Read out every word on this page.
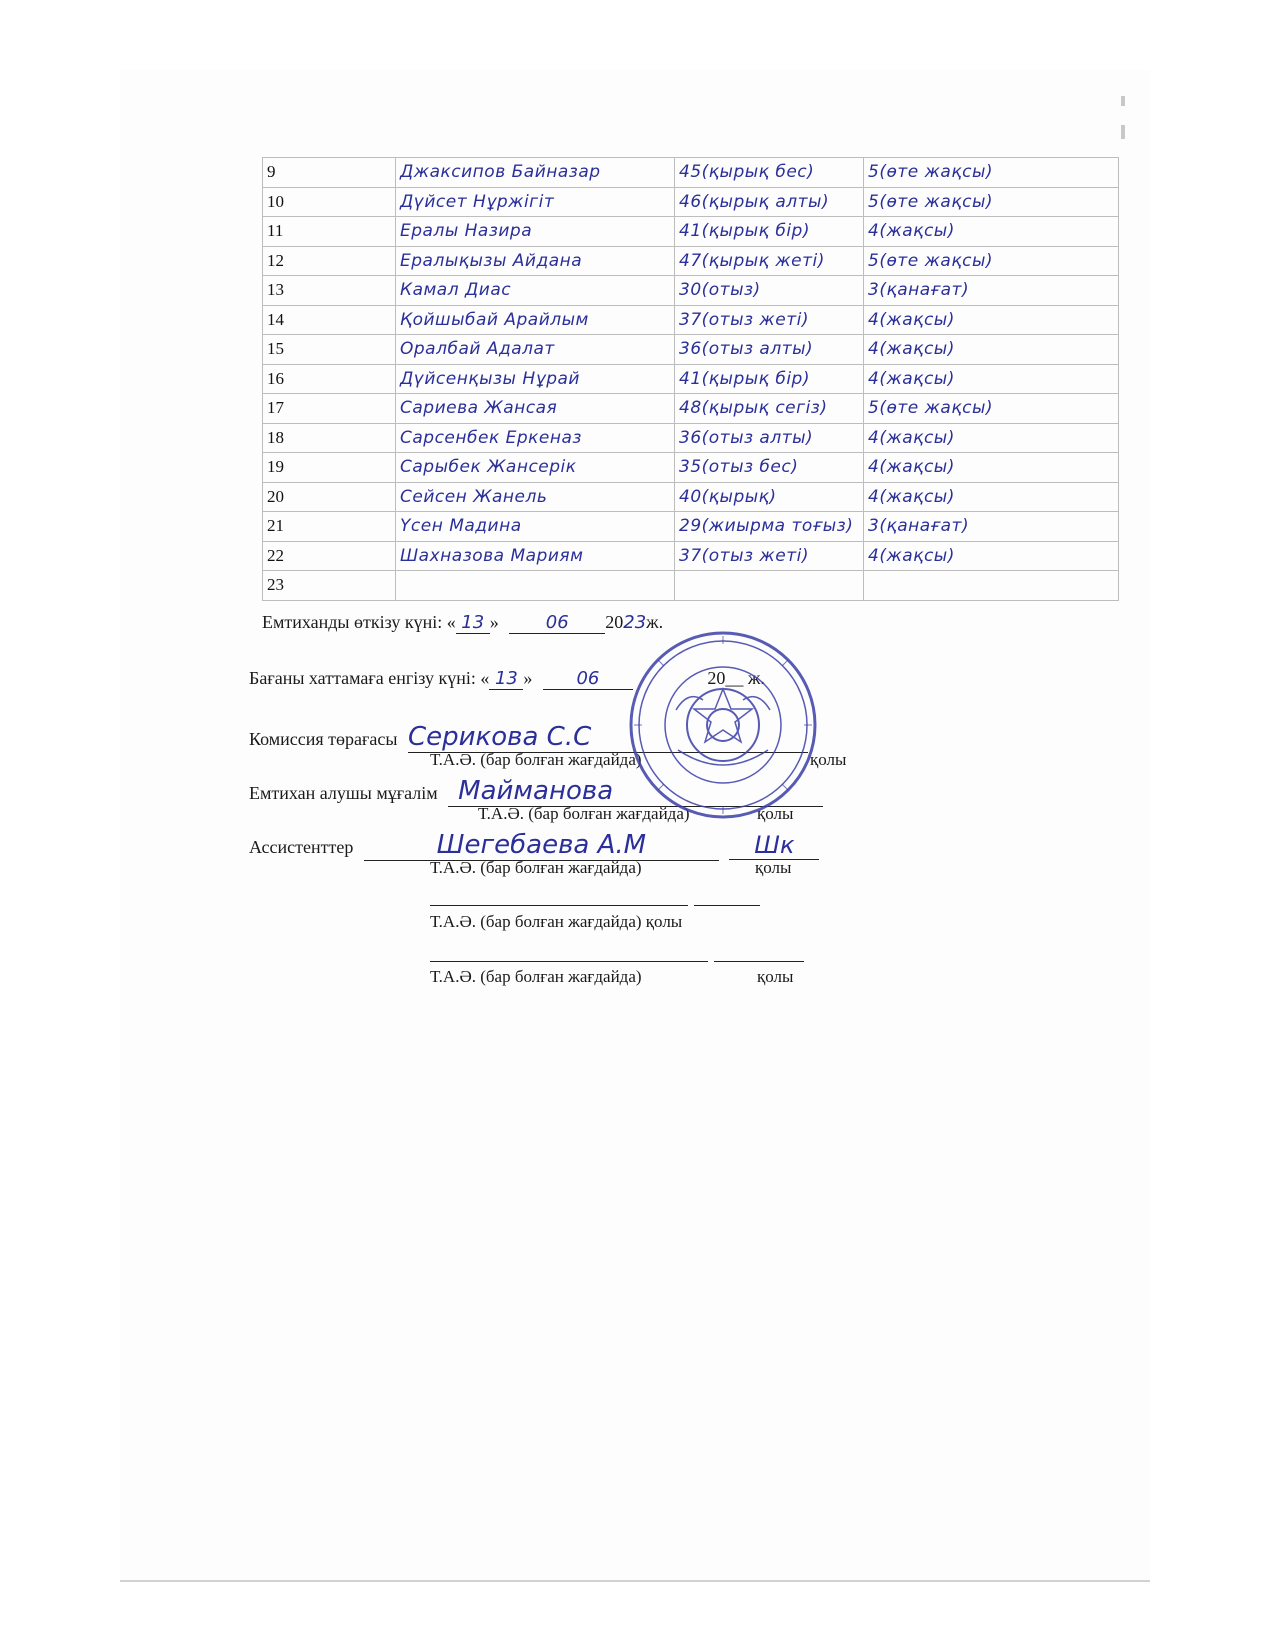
9	Джаксипов Байназар	45(қырық бес)	5(өте жақсы)
10	Дүйсет Нұржігіт	46(қырық алты)	5(өте жақсы)
11	Ералы Назира	41(қырық бір)	4(жақсы)
12	Ералықызы Айдана	47(қырық жеті)	5(өте жақсы)
13	Камал Диас	30(отыз)	3(қанағат)
14	Қойшыбай Арайлым	37(отыз жеті)	4(жақсы)
15	Оралбай Адалат	36(отыз алты)	4(жақсы)
16	Дүйсенқызы Нұрай	41(қырық бір)	4(жақсы)
17	Сариева Жансая	48(қырық сегіз)	5(өте жақсы)
18	Сарсенбек Еркеназ	36(отыз алты)	4(жақсы)
19	Сарыбек Жансерік	35(отыз бес)	4(жақсы)
20	Сейсен Жанель	40(қырық)	4(жақсы)
21	Үсен Мадина	29(жиырма тоғыз)	3(қанағат)
22	Шахназова Мариям	37(отыз жеті)	4(жақсы)
23			
Емтиханды өткізу күні: « 13 »	06 2023ж.
Бағаны хаттамаға енгізу күні: « 13 » 06	20__ ж.
Комиссия төрағасы Серикова С.С
Т.А.Ә. (бар болған жағдайда)	қолы
Емтихан алушы мұғалім Майманова
Т.А.Ә. (бар болған жағдайда)	қолы
Ассистенттер	Шегебаева А.М	Шк
Т.А.Ә. (бар болған жағдайда)	қолы
Т.А.Ә. (бар болған жағдайда) қолы
Т.А.Ә. (бар болған жағдайда)	қолы
